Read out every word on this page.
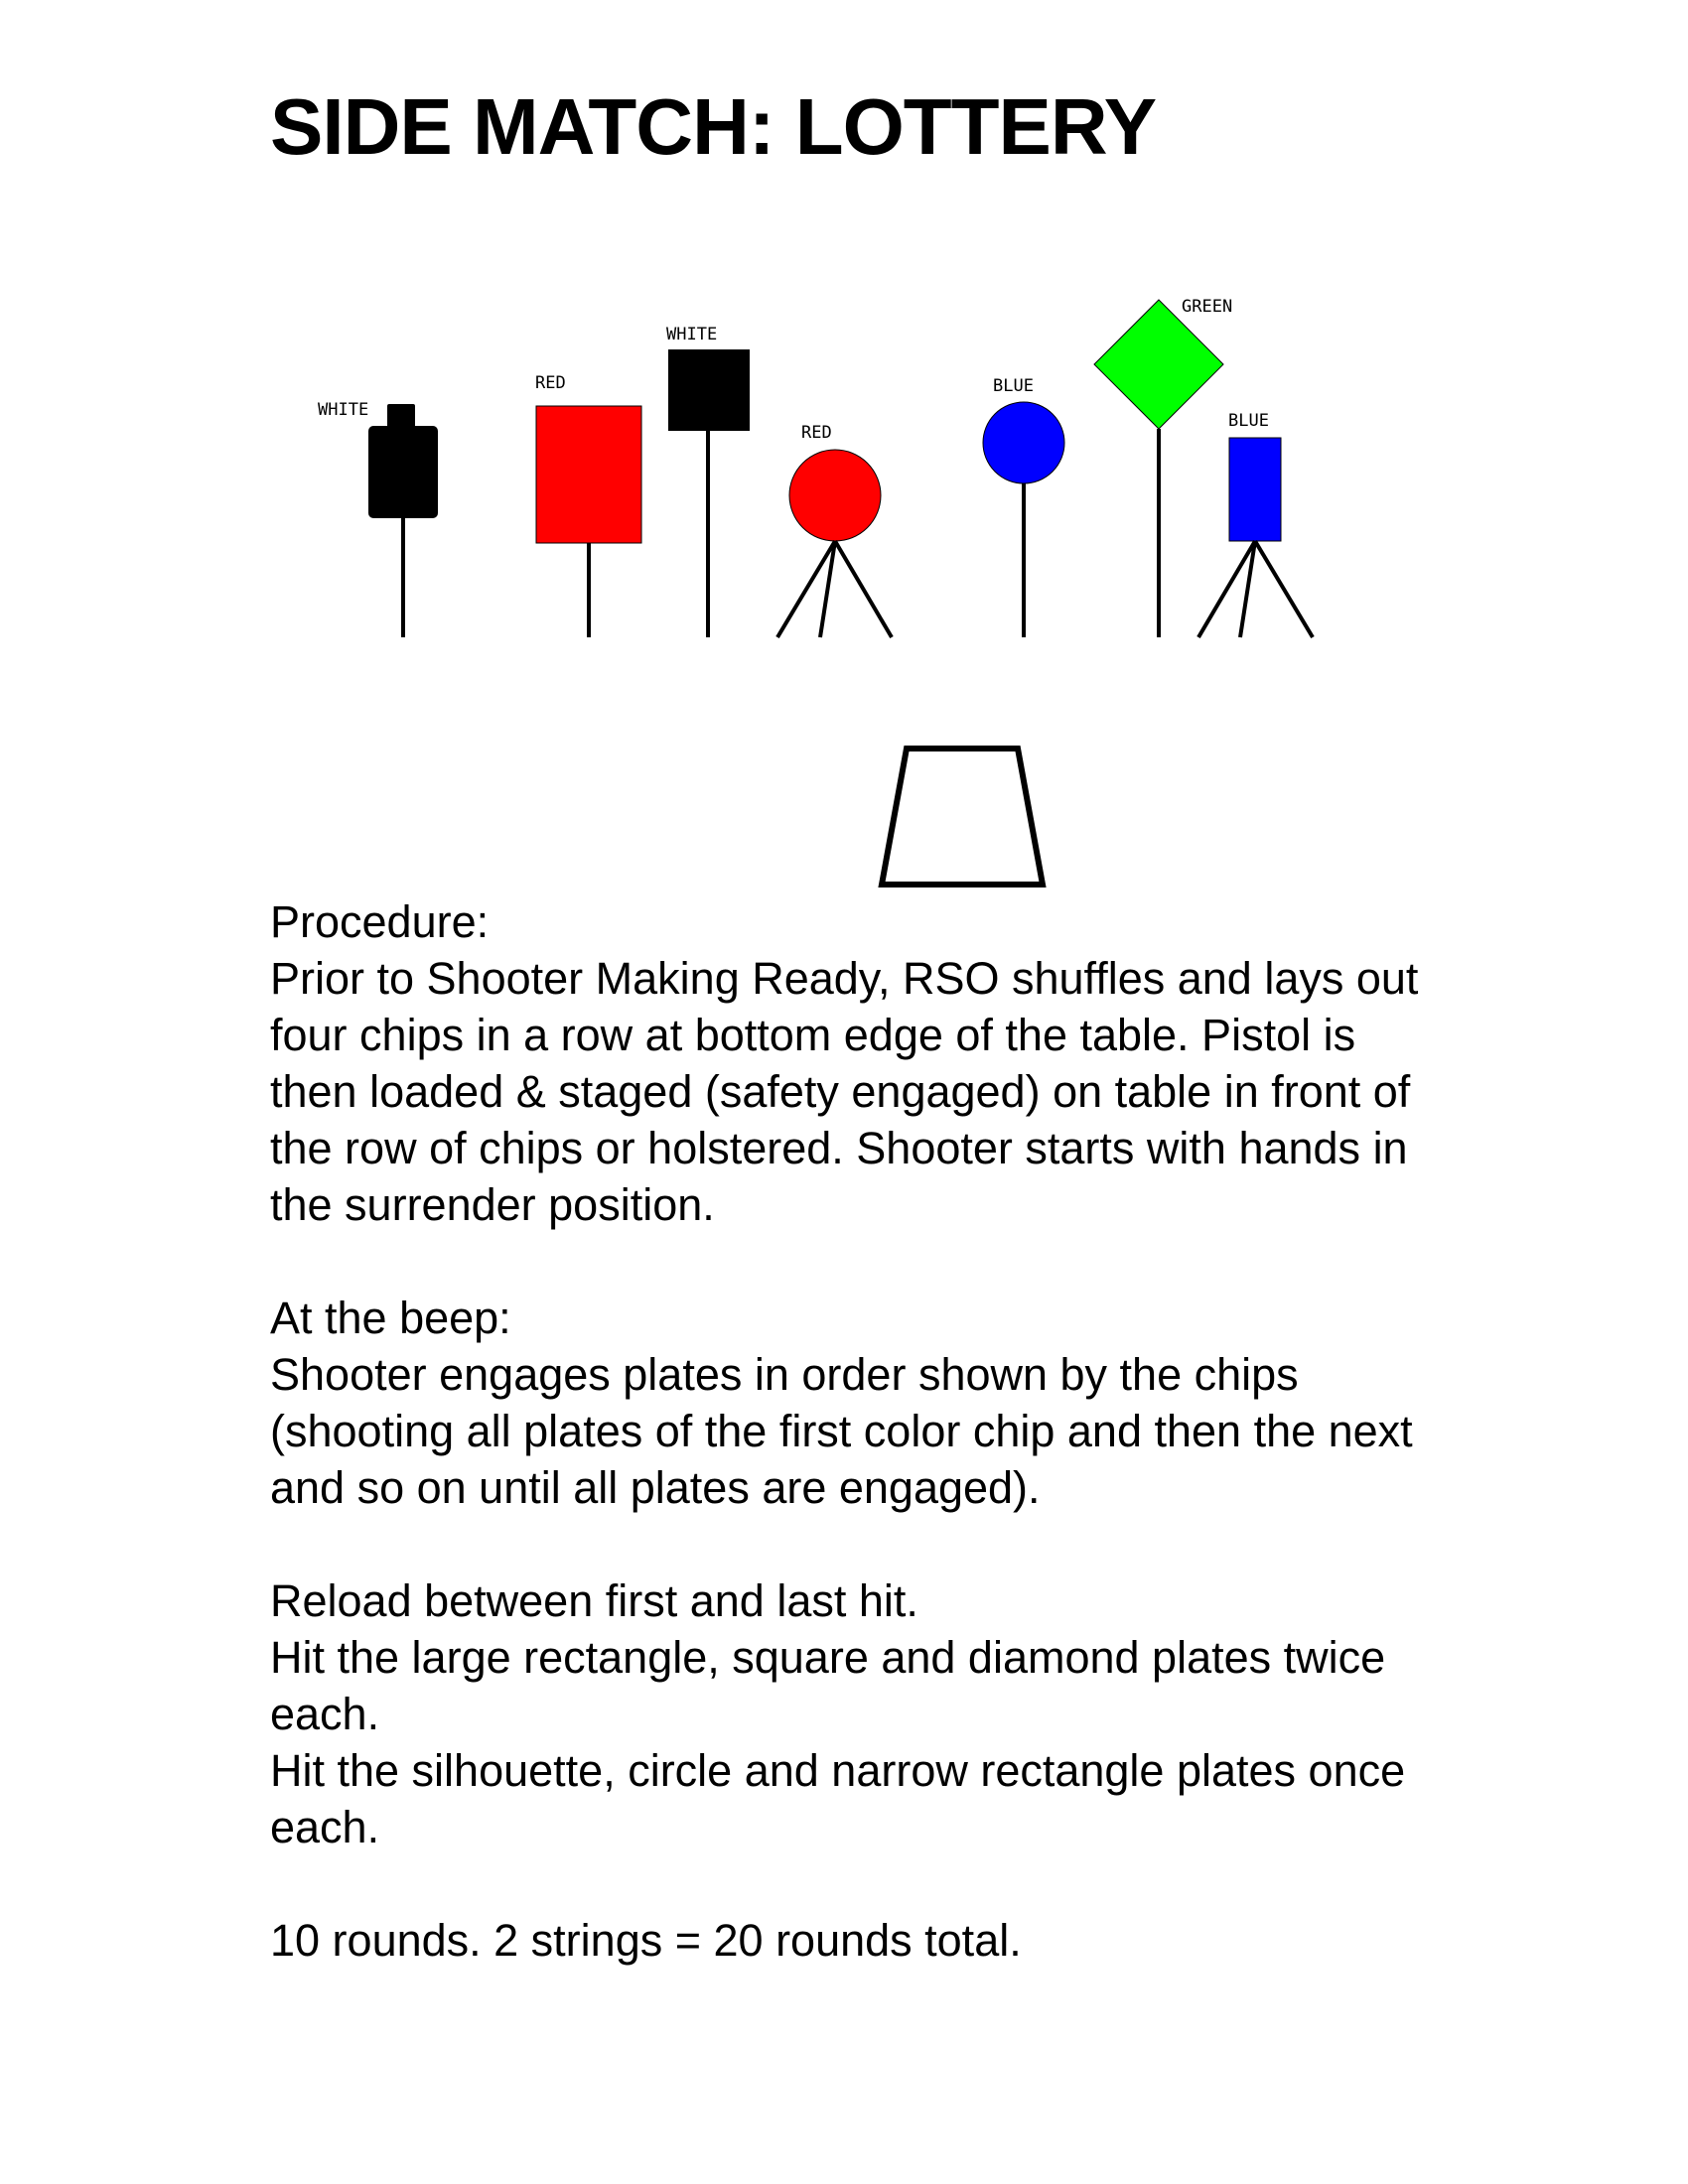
SIDE MATCH: LOTTERY
WHITE
RED
WHITE
RED
BLUE
GREEN
BLUE

Procedure:

Prior to Shooter Making Ready, RSO shuffles and lays out

four chips in a row at bottom edge of the table. Pistol is

then loaded & staged (safety engaged) on table in front of

the row of chips or holstered. Shooter starts with hands in

the surrender position.

At the beep:

Shooter engages plates in order shown by the chips

(shooting all plates of the first color chip and then the next

and so on until all plates are engaged).

Reload between first and last hit.

Hit the large rectangle, square and diamond plates twice

each.

Hit the silhouette, circle and narrow rectangle plates once

each.

10 rounds. 2 strings = 20 rounds total.
